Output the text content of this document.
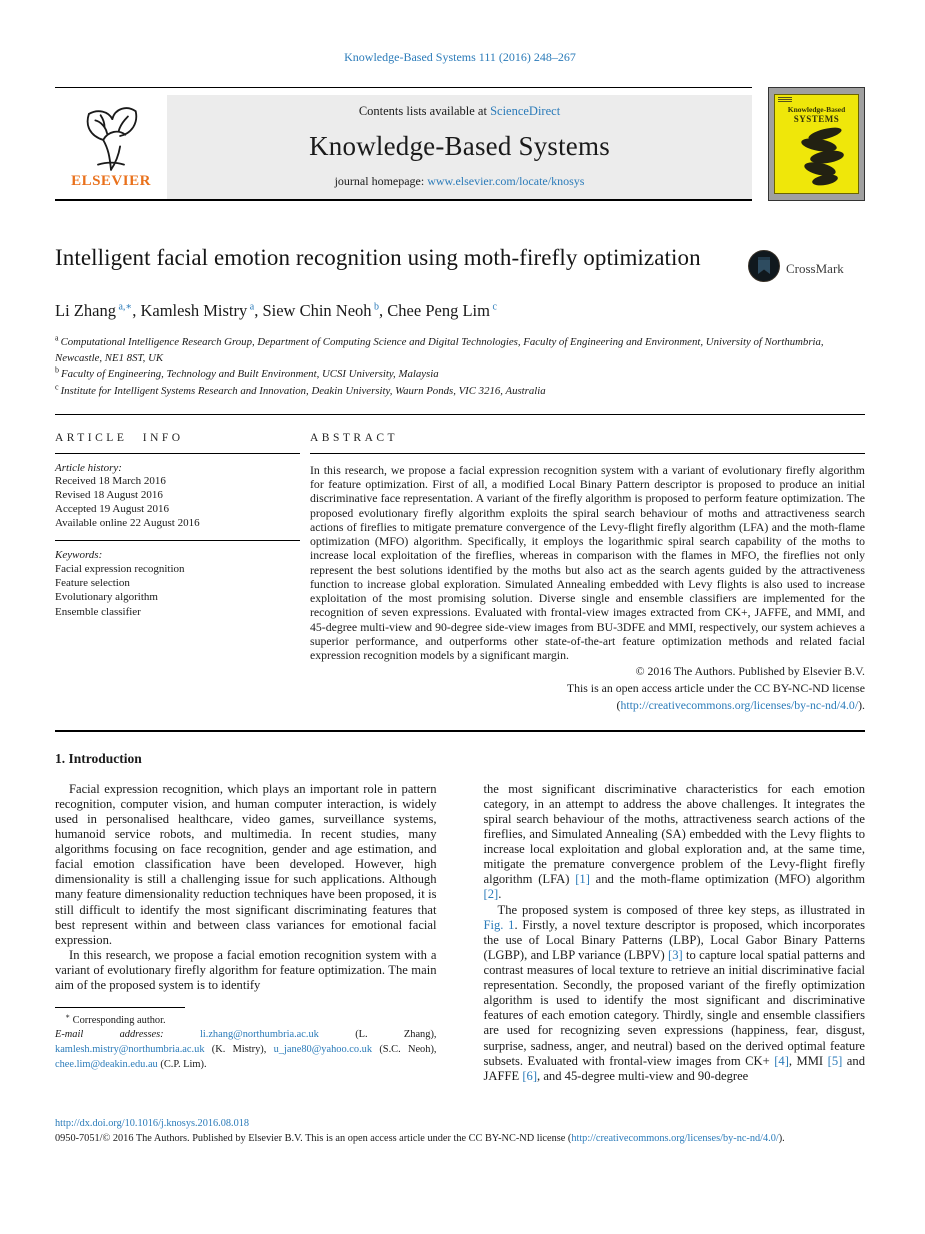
Knowledge-Based Systems 111 (2016) 248–267
ELSEVIER
Contents lists available at ScienceDirect
Knowledge-Based Systems
journal homepage: www.elsevier.com/locate/knosys
Knowledge-Based
SYSTEMS
Intelligent facial emotion recognition using moth-firefly optimization	CrossMark
Li Zhang $^{a,∗}$, Kamlesh Mistry $^a$, Siew Chin Neoh $^b$, Chee Peng Lim $^c$
$^a$ Computational Intelligence Research Group, Department of Computing Science and Digital Technologies, Faculty of Engineering and Environment, University of Northumbria, Newcastle, NE1 8ST, UK
$^b$ Faculty of Engineering, Technology and Built Environment, UCSI University, Malaysia
$^c$ Institute for Intelligent Systems Research and Innovation, Deakin University, Waurn Ponds, VIC 3216, Australia
ARTICLE INFO
Article history:
Received 18 March 2016
Revised 18 August 2016
Accepted 19 August 2016
Available online 22 August 2016
Keywords:
Facial expression recognition
Feature selection
Evolutionary algorithm
Ensemble classifier
ABSTRACT
In this research, we propose a facial expression recognition system with a variant of evolutionary firefly algorithm for feature optimization. First of all, a modified Local Binary Pattern descriptor is proposed to produce an initial discriminative face representation. A variant of the firefly algorithm is proposed to perform feature optimization. The proposed evolutionary firefly algorithm exploits the spiral search behaviour of moths and attractiveness search actions of fireflies to mitigate premature convergence of the Levy-flight firefly algorithm (LFA) and the moth-flame optimization (MFO) algorithm. Specifically, it employs the logarithmic spiral search capability of the moths to increase local exploitation of the fireflies, whereas in comparison with the flames in MFO, the fireflies not only represent the best solutions identified by the moths but also act as the search agents guided by the attractiveness function to increase global exploration. Simulated Annealing embedded with Levy flights is also used to increase exploitation of the most promising solution. Diverse single and ensemble classifiers are implemented for the recognition of seven expressions. Evaluated with frontal-view images extracted from CK+, JAFFE, and MMI, and 45-degree multi-view and 90-degree side-view images from BU-3DFE and MMI, respectively, our system achieves a superior performance, and outperforms other state-of-the-art feature optimization methods and related facial expression recognition models by a significant margin.
© 2016 The Authors. Published by Elsevier B.V.
This is an open access article under the CC BY-NC-ND license
(http://creativecommons.org/licenses/by-nc-nd/4.0/).
1. Introduction

Facial expression recognition, which plays an important role in pattern recognition, computer vision, and human computer interaction, is widely used in personalised healthcare, video games, surveillance systems, humanoid service robots, and multimedia. In recent studies, many algorithms focusing on face recognition, gender and age estimation, and facial emotion classification have been developed. However, high dimensionality is still a challenging issue for such applications. Although many feature dimensionality reduction techniques have been proposed, it is still difficult to identify the most significant discriminating features that best represent within and between class variances for emotional facial expression.

In this research, we propose a facial emotion recognition system with a variant of evolutionary firefly algorithm for feature optimization. The main aim of the proposed system is to identify

∗ Corresponding author.
E-mail addresses: li.zhang@northumbria.ac.uk (L. Zhang), kamlesh.mistry@northumbria.ac.uk (K. Mistry), u_jane80@yahoo.co.uk (S.C. Neoh), chee.lim@deakin.edu.au (C.P. Lim).

the most significant discriminative characteristics for each emotion category, in an attempt to address the above challenges. It integrates the spiral search behaviour of the moths, attractiveness search actions of the fireflies, and Simulated Annealing (SA) embedded with the Levy flights to increase local exploitation and global exploration and, at the same time, mitigate the premature convergence problem of the Levy-flight firefly algorithm (LFA) [1] and the moth-flame optimization (MFO) algorithm [2].

The proposed system is composed of three key steps, as illustrated in Fig. 1. Firstly, a novel texture descriptor is proposed, which incorporates the use of Local Binary Patterns (LBP), Local Gabor Binary Patterns (LGBP), and LBP variance (LBPV) [3] to capture local spatial patterns and contrast measures of local texture to retrieve an initial discriminative facial representation. Secondly, the proposed variant of the firefly optimization algorithm is used to identify the most significant and discriminative features of each emotion category. Thirdly, single and ensemble classifiers are used for recognizing seven expressions (happiness, fear, disgust, surprise, sadness, anger, and neutral) based on the derived optimal feature subsets. Evaluated with frontal-view images from CK+ [4], MMI [5] and JAFFE [6], and 45-degree multi-view and 90-degree

http://dx.doi.org/10.1016/j.knosys.2016.08.018
0950-7051/© 2016 The Authors. Published by Elsevier B.V. This is an open access article under the CC BY-NC-ND license (http://creativecommons.org/licenses/by-nc-nd/4.0/).
